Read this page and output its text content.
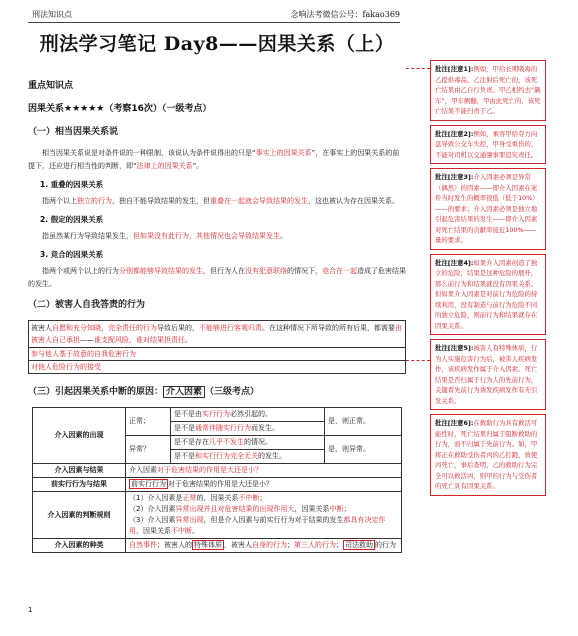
刑法知识点	念响法考微信公号：fakao369
刑法学习笔记 Day8——因果关系（上）
重点知识点
因果关系★★★★★（考察16次）（一级考点）
（一）相当因果关系说
相当因果关系说是对条件说的一种限制，该说认为条件说得出的只是“事实上的因果关系”，在事实上的因果关系的前提下，还应进行相当性的判断，即“法律上的因果关系”。
1. 重叠的因果关系
指两个以上独立的行为，独自不能导致结果的发生，但重叠在一起就会导致结果的发生，这也被认为存在因果关系。
2. 假定的因果关系
指虽然某行为导致结果发生，但如果没有此行为，其他情况也会导致结果发生。
3. 竞合的因果关系
指两个或两个以上的行为分别都能够导致结果的发生，但行为人在没有犯意联络的情况下，竞合在一起造成了危害结果的发生。
（二）被害人自我答责的行为
被害人自愿和充分知晓，完全责任的行为导致后果的，不能够进行客观归责。在这种情况下所导致的所有后果，都需要由被害人自己承担——谁支配风险，谁对结果担责任。
参与他人基于故意的自我危害行为
对他人危险行为的接受
（三）引起因果关系中断的原因： 介入因素 （三级考点）
介入因素的出现	正常；	是不是由实行行为必然引起的。	是，则正常。
		是不是通常伴随实行行为而发生。	
	异常？	是不是存在几乎不发生的情况。	是，则异常。
		是不是和实行行为完全无关的发生。	
介入因素与结果	介入因素对于危害结果的作用是大还是小？		
前实行行为与结果	前实行行为 对于危害结果的作用是大还是小？		
介入因素的判断规则	（1）介入因素是正常的，因果关系不中断；
（2）介入因素异常出现并且对危害结果的出现作用大，因果关系中断；
（3）介入因素异常出现，但是介入因素与前实行行为对于结果的发生都具有决定作用，因果关系不中断。		

介入因素的种类	自然事件；被害人的 特殊体质 ，被害人自身的行为；第三人的行为； 司法救助 的行为		
1
批注[注意1]:例如，甲给长期吸毒的乙提供毒品，乙注射后死亡的，该死亡结果由乙自行负责。甲乙相约去“飙车”，甲车侧翻，甲由此死亡的，该死亡结果不能归责于乙。
批注[注意2]:例如，乘客甲给夺方向盘导致公交车失控，甲身受重伤的，不能对司机以交通肇事罪追究责任。
批注[注意3]:介入因素必须是异常（偶然）的因素——即介入因素在案件当时发生的概率很低（低于10%）——的要求；介入因素必须是独立地引起危害结果的发生——即介入因素对死亡结果的贡献率接近100%——量的要求。
批注[注意4]:如果介入因素创造了独立的危险，结果是这种危险的展开，那么前行为和结果就没有因果关系。但如果介入因素是对前行为危险的持续利用，没有制造与前行为危险不同的独立危险，则前行为和结果就存在因果关系。
批注[注意5]:被害人有特殊体质，行为人实施危害行为后，被害人疾病发作，该疾病发作属于介入因素。死亡结果是否归属于行为人的先前行为，关键看先前行为诱发疾病发作有无引发关系。
批注[注意6]:在救助行为具有救活可能性时，死亡结果归属于阻断救助的行为，而不归属于先前行为。如，甲将正在救助受伤者丙的乙打跑，致使丙死亡，事后查明，乙的救助行为完全可以救活丙，则甲的行为与受伤者的死亡具有因果关系。
